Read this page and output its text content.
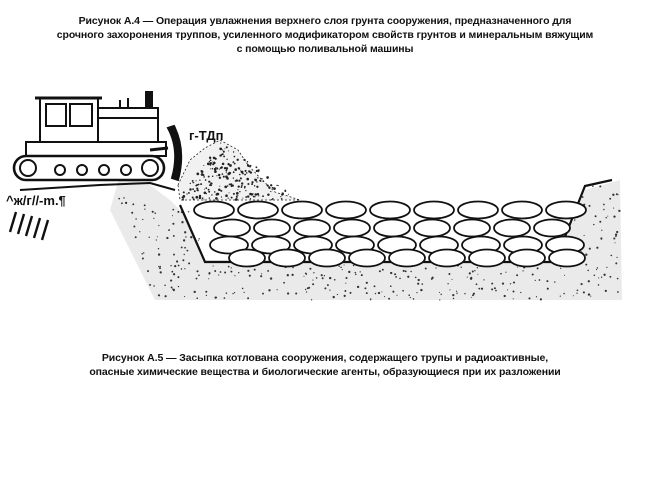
Рисунок А.4 — Операция увлажнения верхнего слоя грунта сооружения, предназначенного для
срочного захоронения труппов, усиленного модификатором свойств грунтов и минеральным вяжущим
с помощью поливальной машины
г-ТДп
^ж/г//-m.¶
Рисунок А.5 — Засыпка котлована сооружения, содержащего трупы и радиоактивные,
опасные химические вещества и биологические агенты, образующиеся при их разложении
